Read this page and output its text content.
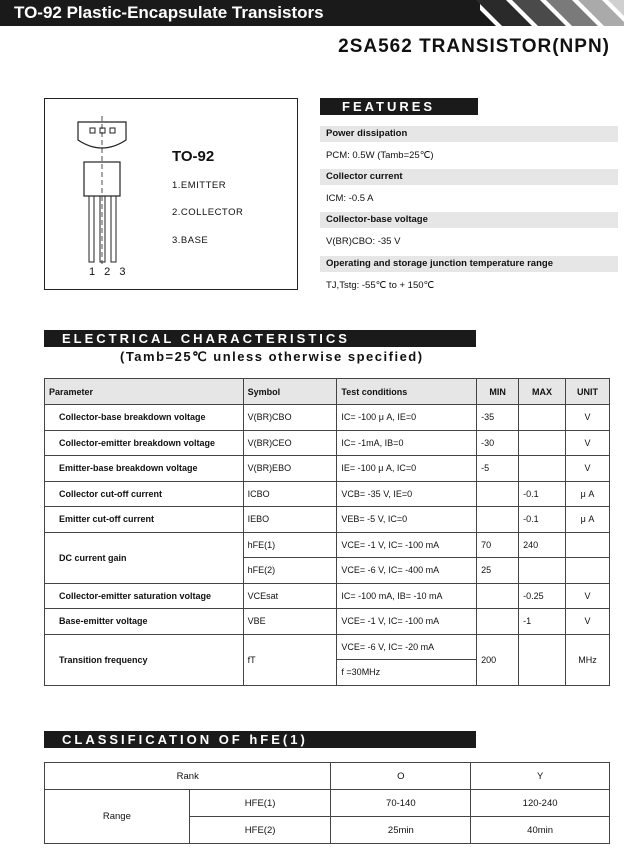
TO-92 Plastic-Encapsulate Transistors
2SA562 TRANSISTOR(NPN)
TO-92
1.EMITTER
2.COLLECTOR
3.BASE
1 2 3
FEATURES
Power dissipation
PCM: 0.5W (Tamb=25℃)
Collector current
ICM: -0.5 A
Collector-base voltage
V(BR)CBO: -35 V
Operating and storage junction temperature range
TJ,Tstg: -55℃ to + 150℃
ELECTRICAL CHARACTERISTICS
(Tamb=25℃ unless otherwise specified)
Parameter	Symbol	Test conditions	MIN	MAX	UNIT
Collector-base breakdown voltage	V(BR)CBO	IC= -100 μ A, IE=0	-35		V
Collector-emitter breakdown voltage	V(BR)CEO	IC= -1mA, IB=0	-30		V
Emitter-base breakdown voltage	V(BR)EBO	IE= -100 μ A, IC=0	-5		V
Collector cut-off current	ICBO	VCB= -35 V, IE=0		-0.1	μ A
Emitter cut-off current	IEBO	VEB= -5 V, IC=0		-0.1	μ A
DC current gain	hFE(1)	VCE= -1 V, IC= -100 mA	70	240	
	hFE(2)	VCE= -6 V, IC= -400 mA	25		
Collector-emitter saturation voltage	VCEsat	IC= -100 mA, IB= -10 mA		-0.25	V
Base-emitter voltage	VBE	VCE= -1 V, IC= -100 mA		-1	V
Transition frequency	fT	VCE= -6 V, IC= -20 mA	200		MHz
		f =30MHz			
CLASSIFICATION OF hFE(1)
Rank		O	Y
Range	HFE(1)	70-140	120-240
	HFE(2)	25min	40min
